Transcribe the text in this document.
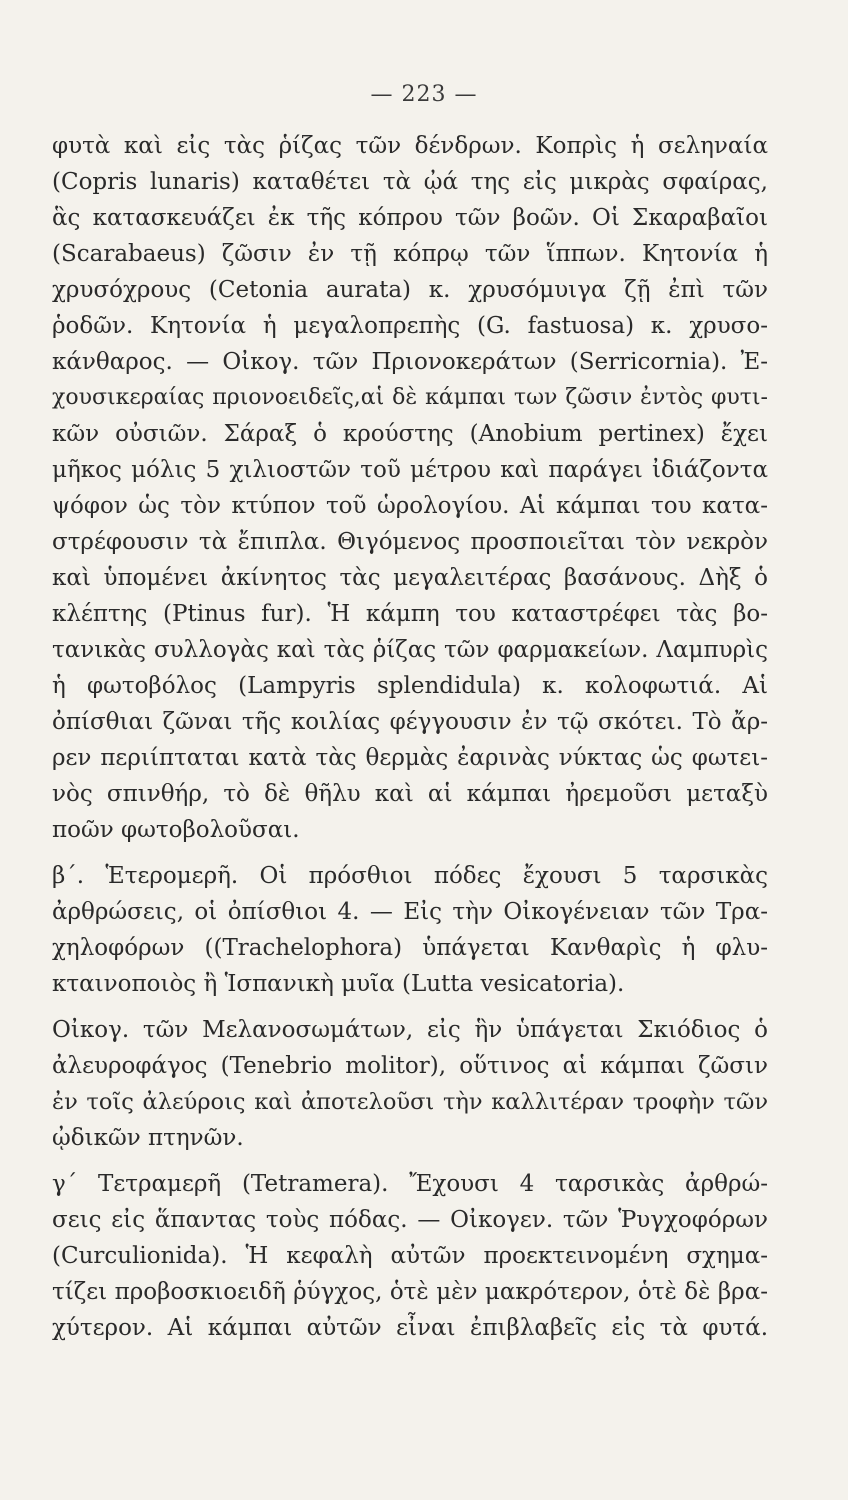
— 223 —
φυτὰ καὶ εἰς τὰς ῥίζας τῶν δένδρων. Κοπρὶς ἡ σεληναία
(Copris lunaris) καταθέτει τὰ ᾠά της εἰς μικρὰς σφαίρας,
ἃς κατασκευάζει ἐκ τῆς κόπρου τῶν βοῶν. Οἱ Σκαραβαῖοι
(Scarabaeus) ζῶσιν ἐν τῇ κόπρῳ τῶν ἵππων. Κητονία ἡ
χρυσόχρους (Cetonia aurata) κ. χρυσόμυιγα ζῇ ἐπὶ τῶν
ῥοδῶν. Κητονία ἡ μεγαλοπρεπὴς (G. fastuosa) κ. χρυσο-
κάνθαρος. — Οἰκογ. τῶν Πριονοκεράτων (Serricornia). Ἐ-
χουσικεραίας πριονοειδεῖς,αἱ δὲ κάμπαι των ζῶσιν ἐντὸς φυτι-
κῶν οὐσιῶν. Σάραξ ὁ κρούστης (Anobium pertinex) ἔχει
μῆκος μόλις 5 χιλιοστῶν τοῦ μέτρου καὶ παράγει ἰδιάζοντα
ψόφον ὡς τὸν κτύπον τοῦ ὡρολογίου. Αἱ κάμπαι του κατα-
στρέφουσιν τὰ ἔπιπλα. Θιγόμενος προσποιεῖται τὸν νεκρὸν
καὶ ὑπομένει ἀκίνητος τὰς μεγαλειτέρας βασάνους. Δὴξ ὁ
κλέπτης (Ptinus fur). Ἡ κάμπη του καταστρέφει τὰς βο-
τανικὰς συλλογὰς καὶ τὰς ῥίζας τῶν φαρμακείων. Λαμπυρὶς
ἡ φωτοβόλος (Lampyris splendidula) κ. κολοφωτιά. Αἱ
ὀπίσθιαι ζῶναι τῆς κοιλίας φέγγουσιν ἐν τῷ σκότει. Τὸ ἄρ-
ρεν περιίπταται κατὰ τὰς θερμὰς ἐαρινὰς νύκτας ὡς φωτει-
νὸς σπινθήρ, τὸ δὲ θῆλυ καὶ αἱ κάμπαι ἠρεμοῦσι μεταξὺ
ποῶν φωτοβολοῦσαι.
β΄. Ἑτερομερῆ. Οἱ πρόσθιοι πόδες ἔχουσι 5 ταρσικὰς
ἀρθρώσεις, οἱ ὀπίσθιοι 4. — Εἰς τὴν Οἰκογένειαν τῶν Τρα-
χηλοφόρων ((Trachelophora) ὑπάγεται Κανθαρὶς ἡ φλυ-
κταινοποιὸς ἢ Ἱσπανικὴ μυῖα (Lutta vesicatoria).
Οἰκογ. τῶν Μελανοσωμάτων, εἰς ἣν ὑπάγεται Σκιόδιος ὁ
ἀλευροφάγος (Tenebrio molitor), οὕτινος αἱ κάμπαι ζῶσιν
ἐν τοῖς ἀλεύροις καὶ ἀποτελοῦσι τὴν καλλιτέραν τροφὴν τῶν
ᾠδικῶν πτηνῶν.
γ΄ Τετραμερῆ (Tetramera). Ἔχουσι 4 ταρσικὰς ἀρθρώ-
σεις εἰς ἅπαντας τοὺς πόδας. — Οἰκογεν. τῶν Ῥυγχοφόρων
(Curculionida). Ἡ κεφαλὴ αὐτῶν προεκτεινομένη σχημα-
τίζει προβοσκιοειδῆ ῥύγχος, ὁτὲ μὲν μακρότερον, ὁτὲ δὲ βρα-
χύτερον. Αἱ κάμπαι αὐτῶν εἶναι ἐπιβλαβεῖς εἰς τὰ φυτά.
